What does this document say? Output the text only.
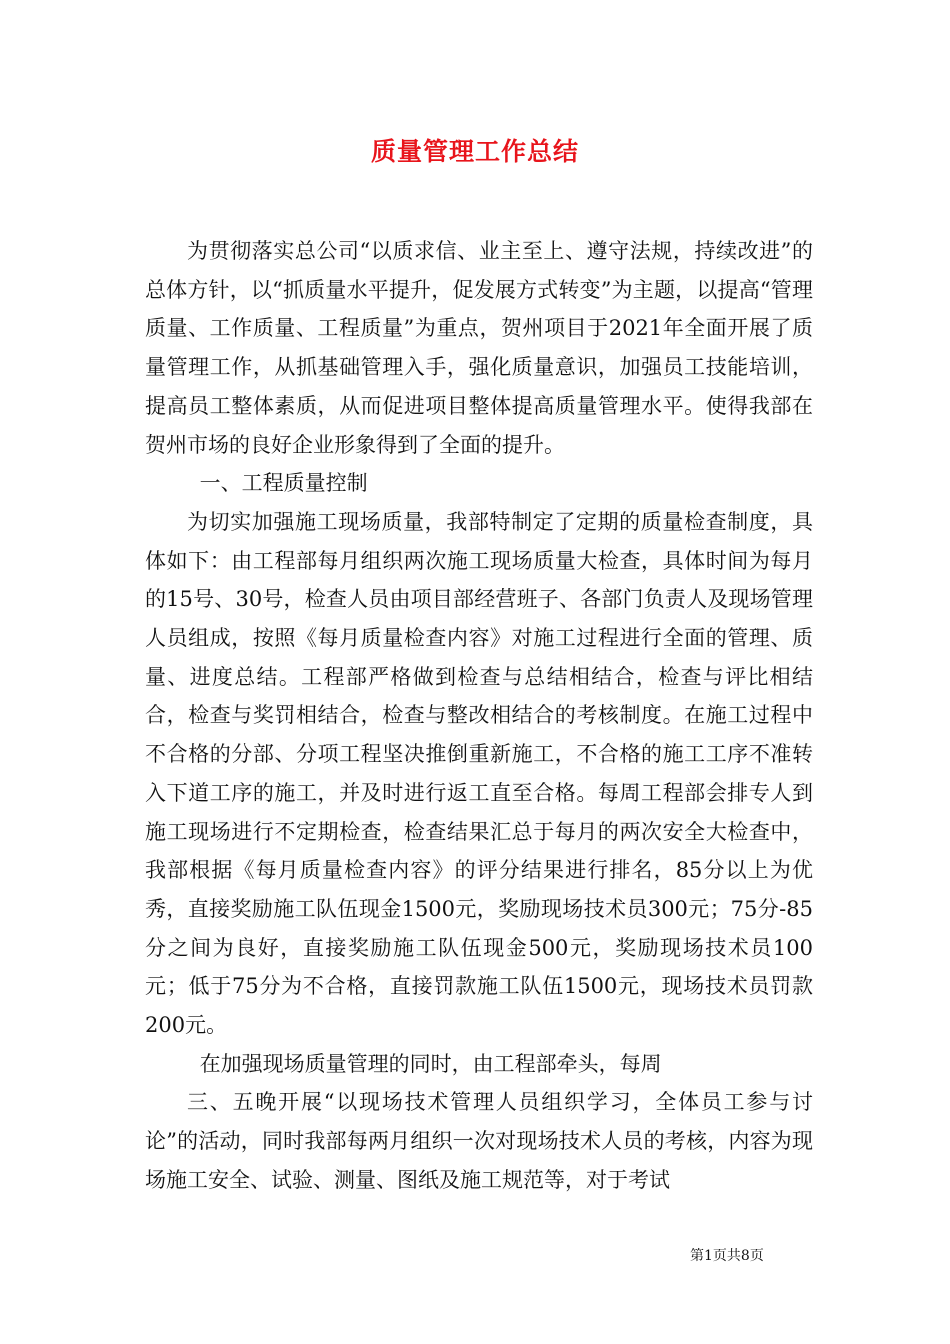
质量管理工作总结

为贯彻落实总公司“以质求信、业主至上、遵守法规，持续改进”的总体方针，以“抓质量水平提升，促发展方式转变”为主题，以提高“管理质量、工作质量、工程质量”为重点，贺州项目于2021年全面开展了质量管理工作，从抓基础管理入手，强化质量意识，加强员工技能培训，提高员工整体素质，从而促进项目整体提高质量管理水平。使得我部在贺州市场的良好企业形象得到了全面的提升。

一、工程质量控制

为切实加强施工现场质量，我部特制定了定期的质量检查制度，具体如下：由工程部每月组织两次施工现场质量大检查，具体时间为每月的15号、30号，检查人员由项目部经营班子、各部门负责人及现场管理人员组成，按照《每月质量检查内容》对施工过程进行全面的管理、质量、进度总结。工程部严格做到检查与总结相结合，检查与评比相结合，检查与奖罚相结合，检查与整改相结合的考核制度。在施工过程中不合格的分部、分项工程坚决推倒重新施工，不合格的施工工序不准转入下道工序的施工，并及时进行返工直至合格。每周工程部会排专人到施工现场进行不定期检查，检查结果汇总于每月的两次安全大检查中，我部根据《每月质量检查内容》的评分结果进行排名，85分以上为优秀，直接奖励施工队伍现金1500元，奖励现场技术员300元；75分-85分之间为良好，直接奖励施工队伍现金500元，奖励现场技术员100元；低于75分为不合格，直接罚款施工队伍1500元，现场技术员罚款200元。

在加强现场质量管理的同时，由工程部牵头，每周

三、五晚开展“以现场技术管理人员组织学习，全体员工参与讨论”的活动，同时我部每两月组织一次对现场技术人员的考核，内容为现场施工安全、试验、测量、图纸及施工规范等，对于考试

第1页共8页
